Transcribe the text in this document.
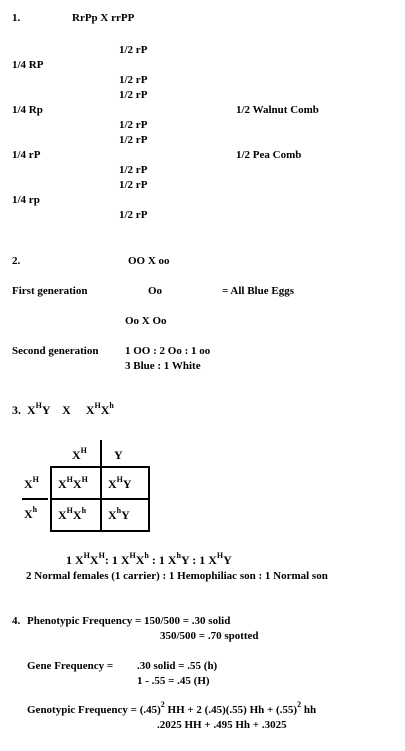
1.	RrPp X rrPP
1/2 rP
1/4 RP
1/2 rP
1/2 rP
1/4 Rp	1/2 Walnut Comb
1/2 rP
1/2 rP
1/4 rP	1/2 Pea Comb
1/2 rP
1/2 rP
1/4 rp
1/2 rP
2.	OO X oo
First generation	Oo	= All Blue Eggs
Oo X Oo
Second generation 1 OO : 2 Oo : 1 oo
3 Blue : 1 White
3. $X^HY$ X $X^HX^h$
$X^H$ Y
$X^H$
$X^h$
$X^HX^H$ $X^HY$
$X^HX^h$ $X^hY$
1 $X^HX^H$: 1 $X^HX^h$ : 1 $X^hY$ : 1 $X^HY$
2 Normal females (1 carrier) : 1 Hemophiliac son : 1 Normal son
4. Phenotypic Frequency = 150/500 = .30 solid
350/500 = .70 spotted
Gene Frequency = .30 solid = .55 (h)
1 - .55 = .45 (H)
Genotypic Frequency = $(.45)^2$ HH + 2 (.45)(.55) $Hh + (.55)^2$ hh
.2025 HH + .495 Hh + .3025
